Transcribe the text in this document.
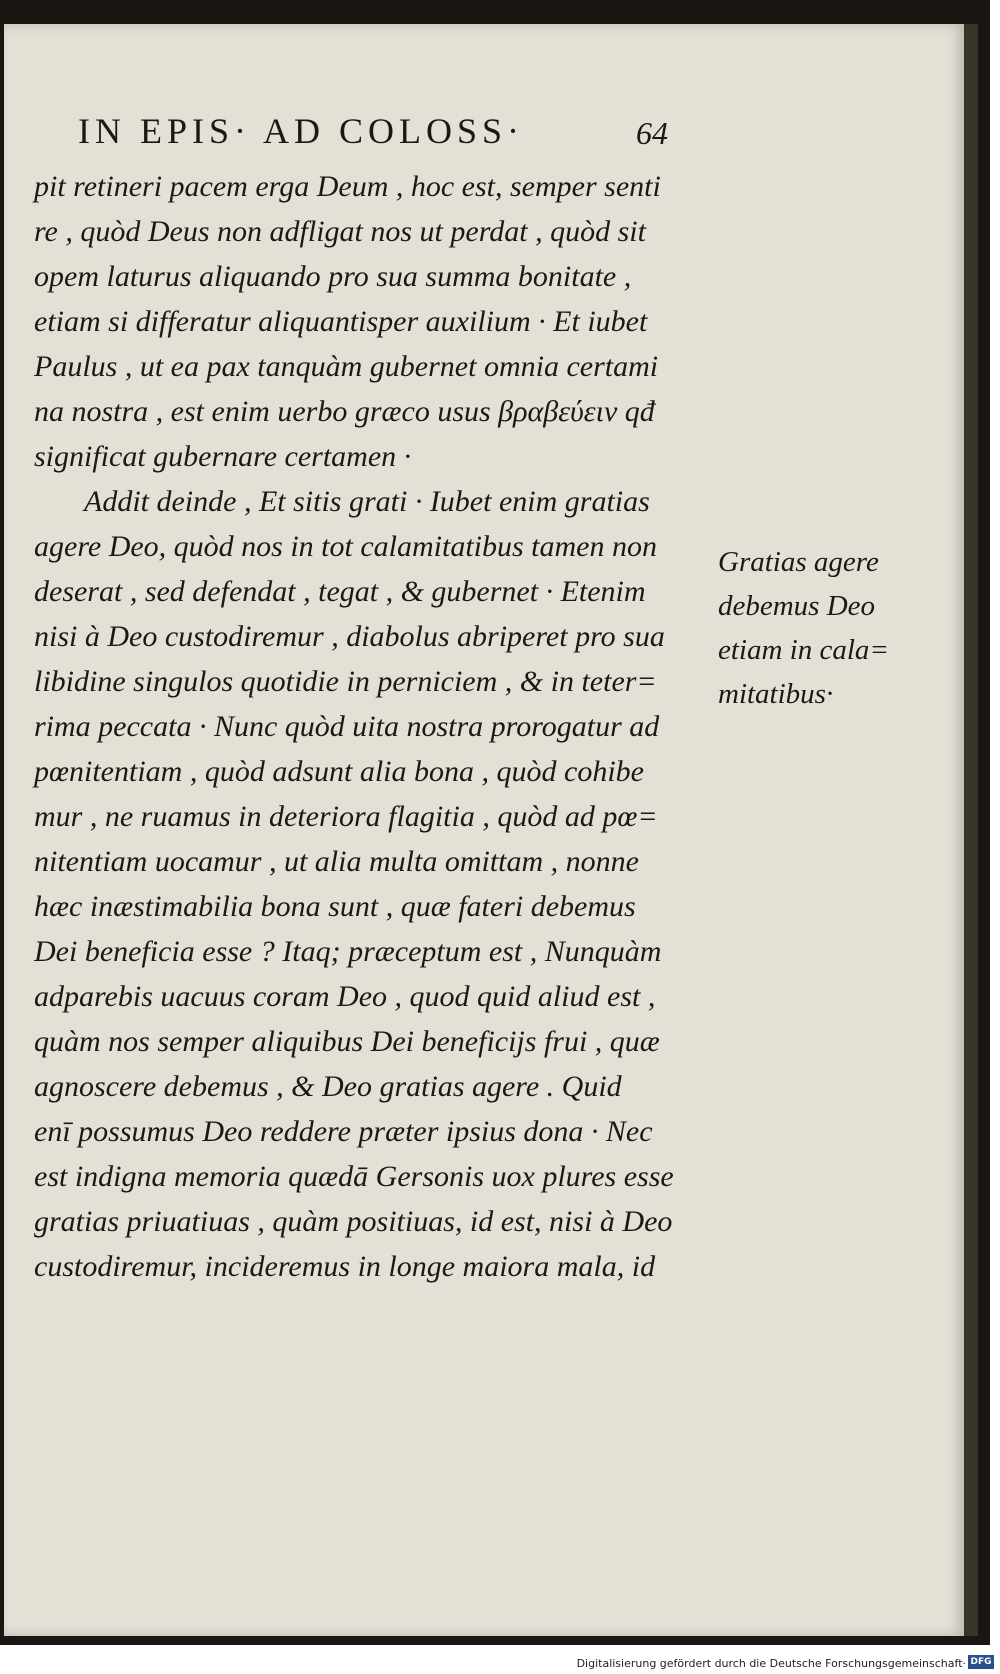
IN EPIS· AD COLOSS·	64
pit retineri pacem erga Deum , hoc est, semper senti
re , quòd Deus non adfligat nos ut perdat , quòd sit
opem laturus aliquando pro sua summa bonitate ,
etiam si differatur aliquantisper auxilium · Et iubet
Paulus , ut ea pax tanquàm gubernet omnia certami
na nostra , est enim uerbo græco usus βραβεύειν qđ
significat gubernare certamen ·
Addit deinde , Et sitis grati · Iubet enim gratias
agere Deo, quòd nos in tot calamitatibus tamen non
deserat , sed defendat , tegat , & gubernet · Etenim
nisi à Deo custodiremur , diabolus abriperet pro sua
libidine singulos quotidie in perniciem , & in teter=
rima peccata · Nunc quòd uita nostra prorogatur ad
pœnitentiam , quòd adsunt alia bona , quòd cohibe
mur , ne ruamus in deteriora flagitia , quòd ad pœ=
nitentiam uocamur , ut alia multa omittam , nonne
hæc inæstimabilia bona sunt , quæ fateri debemus
Dei beneficia esse ? Itaq; præceptum est , Nunquàm
adparebis uacuus coram Deo , quod quid aliud est ,
quàm nos semper aliquibus Dei beneficijs frui , quæ
agnoscere debemus , & Deo gratias agere . Quid
enī possumus Deo reddere præter ipsius dona · Nec
est indigna memoria quædā Gersonis uox plures esse
gratias priuatiuas , quàm positiuas, id est, nisi à Deo
custodiremur, incideremus in longe maiora mala, id
Gratias agere
debemus Deo
etiam in cala=
mitatibus·
Digitalisierung gefördert durch die Deutsche Forschungsgemeinschaft· DFG
